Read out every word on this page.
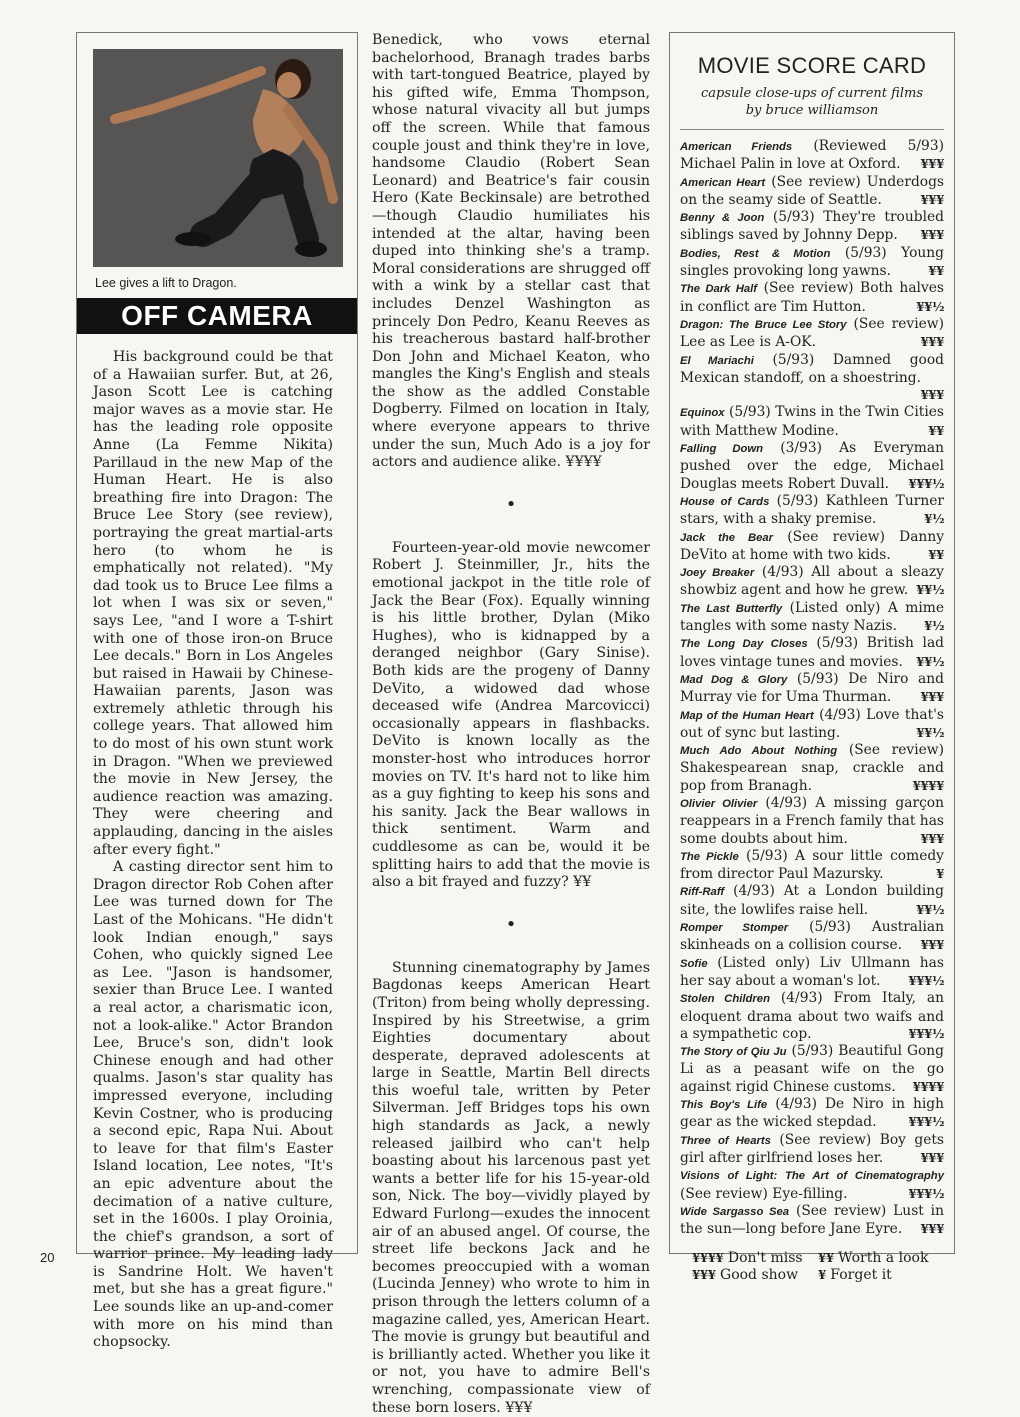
Lee gives a lift to Dragon.
OFF CAMERA

His background could be that of a Hawaiian surfer. But, at 26, Jason Scott Lee is catching major waves as a movie star. He has the leading role opposite Anne (La Femme Nikita) Parillaud in the new Map of the Human Heart. He is also breathing fire into Dragon: The Bruce Lee Story (see review), portraying the great martial-arts hero (to whom he is emphatically not related). "My dad took us to Bruce Lee films a lot when I was six or seven," says Lee, "and I wore a T-shirt with one of those iron-on Bruce Lee decals." Born in Los Angeles but raised in Hawaii by Chinese-Hawaiian parents, Jason was extremely athletic through his college years. That allowed him to do most of his own stunt work in Dragon. "When we previewed the movie in New Jersey, the audience reaction was amazing. They were cheering and applauding, dancing in the aisles after every fight."

A casting director sent him to Dragon director Rob Cohen after Lee was turned down for The Last of the Mohicans. "He didn't look Indian enough," says Cohen, who quickly signed Lee as Lee. "Jason is handsomer, sexier than Bruce Lee. I wanted a real actor, a charismatic icon, not a look-alike." Actor Brandon Lee, Bruce's son, didn't look Chinese enough and had other qualms. Jason's star quality has impressed everyone, including Kevin Costner, who is producing a second epic, Rapa Nui. About to leave for that film's Easter Island location, Lee notes, "It's an epic adventure about the decimation of a native culture, set in the 1600s. I play Oroinia, the chief's grandson, a sort of warrior prince. My leading lady is Sandrine Holt. We haven't met, but she has a great figure." Lee sounds like an up-and-comer with more on his mind than chopsocky.

Benedick, who vows eternal bachelorhood, Branagh trades barbs with tart-tongued Beatrice, played by his gifted wife, Emma Thompson, whose natural vivacity all but jumps off the screen. While that famous couple joust and think they're in love, handsome Claudio (Robert Sean Leonard) and Beatrice's fair cousin Hero (Kate Beckinsale) are betrothed—though Claudio humiliates his intended at the altar, having been duped into thinking she's a tramp. Moral considerations are shrugged off with a wink by a stellar cast that includes Denzel Washington as princely Don Pedro, Keanu Reeves as his treacherous bastard half-brother Don John and Michael Keaton, who mangles the King's English and steals the show as the addled Constable Dogberry. Filmed on location in Italy, where everyone appears to thrive under the sun, Much Ado is a joy for actors and audience alike. ¥¥¥¥

•

Fourteen-year-old movie newcomer Robert J. Steinmiller, Jr., hits the emotional jackpot in the title role of Jack the Bear (Fox). Equally winning is his little brother, Dylan (Miko Hughes), who is kidnapped by a deranged neighbor (Gary Sinise). Both kids are the progeny of Danny DeVito, a widowed dad whose deceased wife (Andrea Marcovicci) occasionally appears in flashbacks. DeVito is known locally as the monster-host who introduces horror movies on TV. It's hard not to like him as a guy fighting to keep his sons and his sanity. Jack the Bear wallows in thick sentiment. Warm and cuddlesome as can be, would it be splitting hairs to add that the movie is also a bit frayed and fuzzy? ¥¥

•

Stunning cinematography by James Bagdonas keeps American Heart (Triton) from being wholly depressing. Inspired by his Streetwise, a grim Eighties documentary about desperate, depraved adolescents at large in Seattle, Martin Bell directs this woeful tale, written by Peter Silverman. Jeff Bridges tops his own high standards as Jack, a newly released jailbird who can't help boasting about his larcenous past yet wants a better life for his 15-year-old son, Nick. The boy—vividly played by Edward Furlong—exudes the innocent air of an abused angel. Of course, the street life beckons Jack and he becomes preoccupied with a woman (Lucinda Jenney) who wrote to him in prison through the letters column of a magazine called, yes, American Heart. The movie is grungy but beautiful and is brilliantly acted. Whether you like it or not, you have to admire Bell's wrenching, compassionate view of these born losers. ¥¥¥

MOVIE SCORE CARD
capsule close-ups of current films
by bruce williamson
American Friends (Reviewed 5/93) Michael Palin in love at Oxford. ¥¥¥
American Heart (See review) Underdogs on the seamy side of Seattle.	¥¥¥
Benny & Joon (5/93) They're troubled siblings saved by Johnny Depp. ¥¥¥
Bodies, Rest & Motion (5/93) Young singles provoking long yawns.	¥¥
The Dark Half (See review) Both halves in conflict are Tim Hutton.	¥¥½
Dragon: The Bruce Lee Story (See review) Lee as Lee is A-OK.	¥¥¥
El Mariachi (5/93) Damned good Mexican standoff, on a shoestring.
¥¥¥
Equinox (5/93) Twins in the Twin Cities with Matthew Modine.	¥¥
Falling Down (3/93) As Everyman pushed over the edge, Michael Douglas meets Robert Duvall. ¥¥¥½
House of Cards (5/93) Kathleen Turner stars, with a shaky premise.	¥½
Jack the Bear (See review) Danny DeVito at home with two kids.	¥¥
Joey Breaker (4/93) All about a sleazy showbiz agent and how he grew. ¥¥½
The Last Butterfly (Listed only) A mime tangles with some nasty Nazis. ¥½
The Long Day Closes (5/93) British lad loves vintage tunes and movies. ¥¥½
Mad Dog & Glory (5/93) De Niro and Murray vie for Uma Thurman. ¥¥¥
Map of the Human Heart (4/93) Love that's out of sync but lasting.	¥¥½
Much Ado About Nothing (See review) Shakespearean snap, crackle and pop from Branagh.	¥¥¥¥
Olivier Olivier (4/93) A missing garçon reappears in a French family that has some doubts about him.	¥¥¥
The Pickle (5/93) A sour little comedy from director Paul Mazursky.	¥
Riff-Raff (4/93) At a London building site, the lowlifes raise hell.	¥¥½
Romper Stomper (5/93) Australian skinheads on a collision course. ¥¥¥
Sofie (Listed only) Liv Ullmann has her say about a woman's lot. ¥¥¥½
Stolen Children (4/93) From Italy, an eloquent drama about two waifs and a sympathetic cop.	¥¥¥½
The Story of Qiu Ju (5/93) Beautiful Gong Li as a peasant wife on the go against rigid Chinese customs. ¥¥¥¥
This Boy's Life (4/93) De Niro in high gear as the wicked stepdad.	¥¥¥½
Three of Hearts (See review) Boy gets girl after girlfriend loses her.	¥¥¥
Visions of Light: The Art of Cinematography (See review) Eye-filling.	¥¥¥½
Wide Sargasso Sea (See review) Lust in the sun—long before Jane Eyre. ¥¥¥
¥¥¥¥ Don't miss	¥¥ Worth a look
¥¥¥ Good show	¥ Forget it
20
